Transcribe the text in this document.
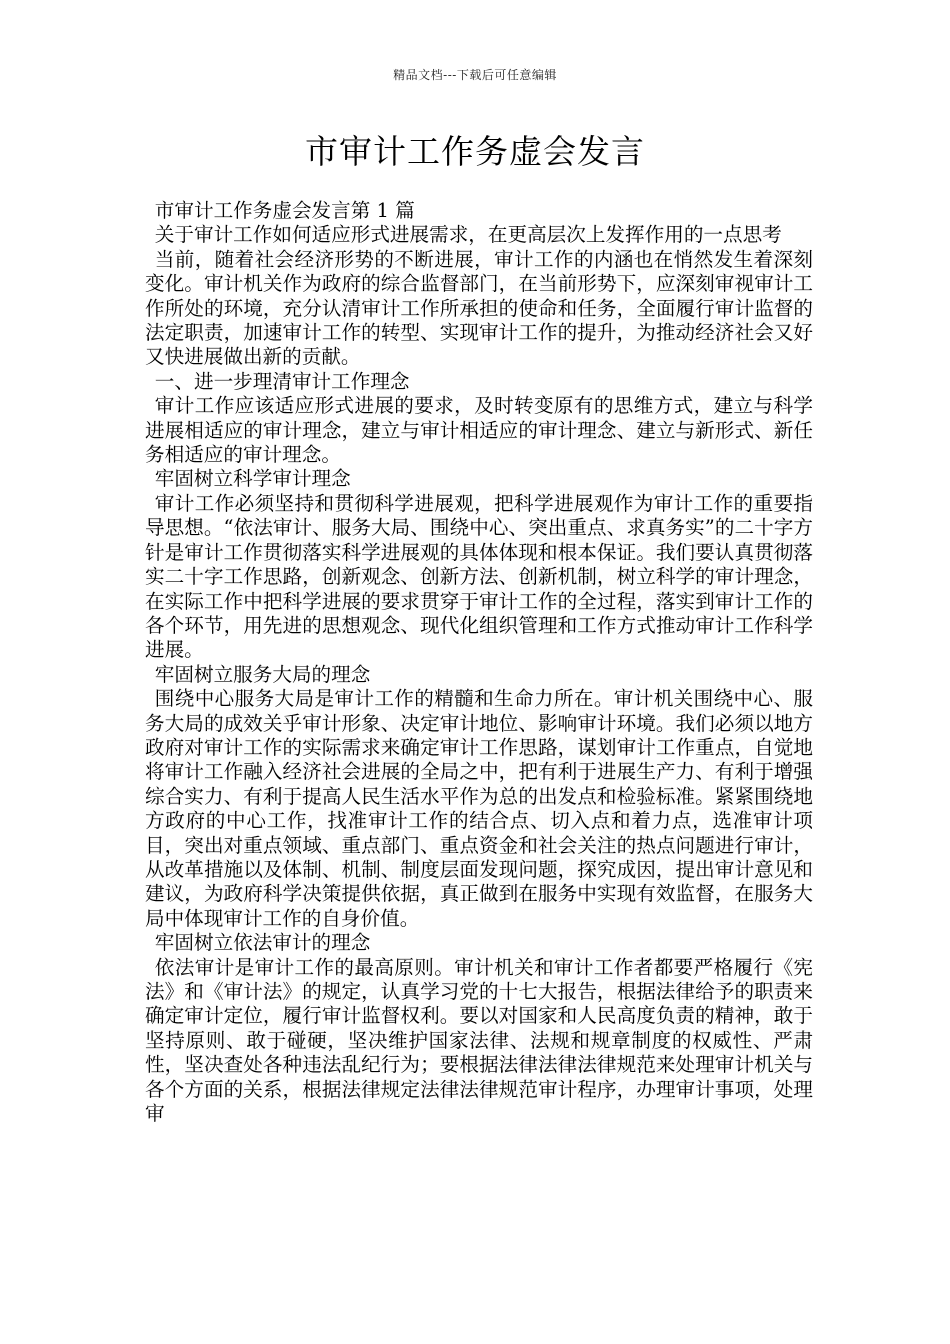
精品文档---下载后可任意编辑
市审计工作务虚会发言

市审计工作务虚会发言第 1 篇

关于审计工作如何适应形式进展需求，在更高层次上发挥作用的一点思考

当前，随着社会经济形势的不断进展，审计工作的内涵也在悄然发生着深刻变化。审计机关作为政府的综合监督部门，在当前形势下，应深刻审视审计工作所处的环境，充分认清审计工作所承担的使命和任务，全面履行审计监督的法定职责，加速审计工作的转型、实现审计工作的提升，为推动经济社会又好又快进展做出新的贡献。

一、进一步理清审计工作理念

审计工作应该适应形式进展的要求，及时转变原有的思维方式，建立与科学进展相适应的审计理念，建立与审计相适应的审计理念、建立与新形式、新任务相适应的审计理念。

牢固树立科学审计理念

审计工作必须坚持和贯彻科学进展观，把科学进展观作为审计工作的重要指导思想。“依法审计、服务大局、围绕中心、突出重点、求真务实”的二十字方针是审计工作贯彻落实科学进展观的具体体现和根本保证。我们要认真贯彻落实二十字工作思路，创新观念、创新方法、创新机制，树立科学的审计理念，在实际工作中把科学进展的要求贯穿于审计工作的全过程，落实到审计工作的各个环节，用先进的思想观念、现代化组织管理和工作方式推动审计工作科学进展。

牢固树立服务大局的理念

围绕中心服务大局是审计工作的精髓和生命力所在。审计机关围绕中心、服务大局的成效关乎审计形象、决定审计地位、影响审计环境。我们必须以地方政府对审计工作的实际需求来确定审计工作思路，谋划审计工作重点，自觉地将审计工作融入经济社会进展的全局之中，把有利于进展生产力、有利于增强综合实力、有利于提高人民生活水平作为总的出发点和检验标准。紧紧围绕地方政府的中心工作，找准审计工作的结合点、切入点和着力点，选准审计项目，突出对重点领域、重点部门、重点资金和社会关注的热点问题进行审计，从改革措施以及体制、机制、制度层面发现问题，探究成因，提出审计意见和建议，为政府科学决策提供依据，真正做到在服务中实现有效监督，在服务大局中体现审计工作的自身价值。

牢固树立依法审计的理念

依法审计是审计工作的最高原则。审计机关和审计工作者都要严格履行《宪法》和《审计法》的规定，认真学习党的十七大报告，根据法律给予的职责来确定审计定位，履行审计监督权利。要以对国家和人民高度负责的精神，敢于坚持原则、敢于碰硬，坚决维护国家法律、法规和规章制度的权威性、严肃性，坚决查处各种违法乱纪行为；要根据法律法律法律规范来处理审计机关与各个方面的关系，根据法律规定法律法律规范审计程序，办理审计事项，处理审
